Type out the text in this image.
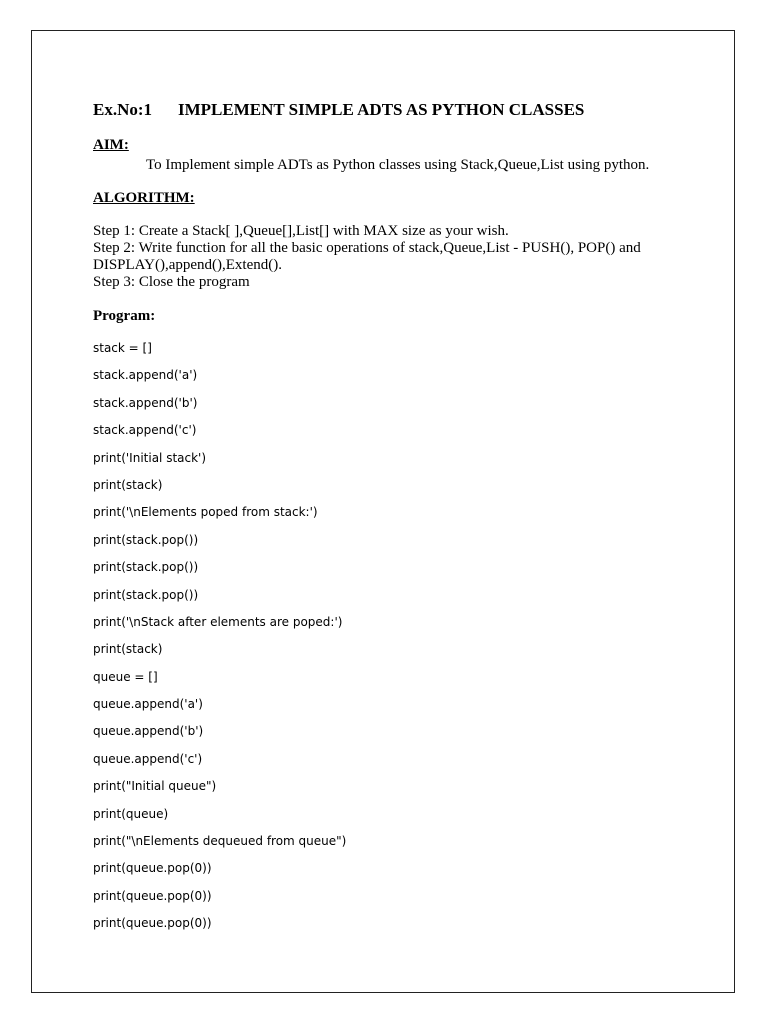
Ex.No:1 IMPLEMENT SIMPLE ADTS AS PYTHON CLASSES
AIM:
To Implement simple ADTs as Python classes using Stack,Queue,List using python.
ALGORITHM:
Step 1: Create a Stack[ ],Queue[],List[] with MAX size as your wish.
Step 2: Write function for all the basic operations of stack,Queue,List - PUSH(), POP() and DISPLAY(),append(),Extend().
Step 3: Close the program
Program:
stack = []
stack.append('a')
stack.append('b')
stack.append('c')
print('Initial stack')
print(stack)
print('\nElements poped from stack:')
print(stack.pop())
print(stack.pop())
print(stack.pop())
print('\nStack after elements are poped:')
print(stack)
queue = []
queue.append('a')
queue.append('b')
queue.append('c')
print("Initial queue")
print(queue)
print("\nElements dequeued from queue")
print(queue.pop(0))
print(queue.pop(0))
print(queue.pop(0))
